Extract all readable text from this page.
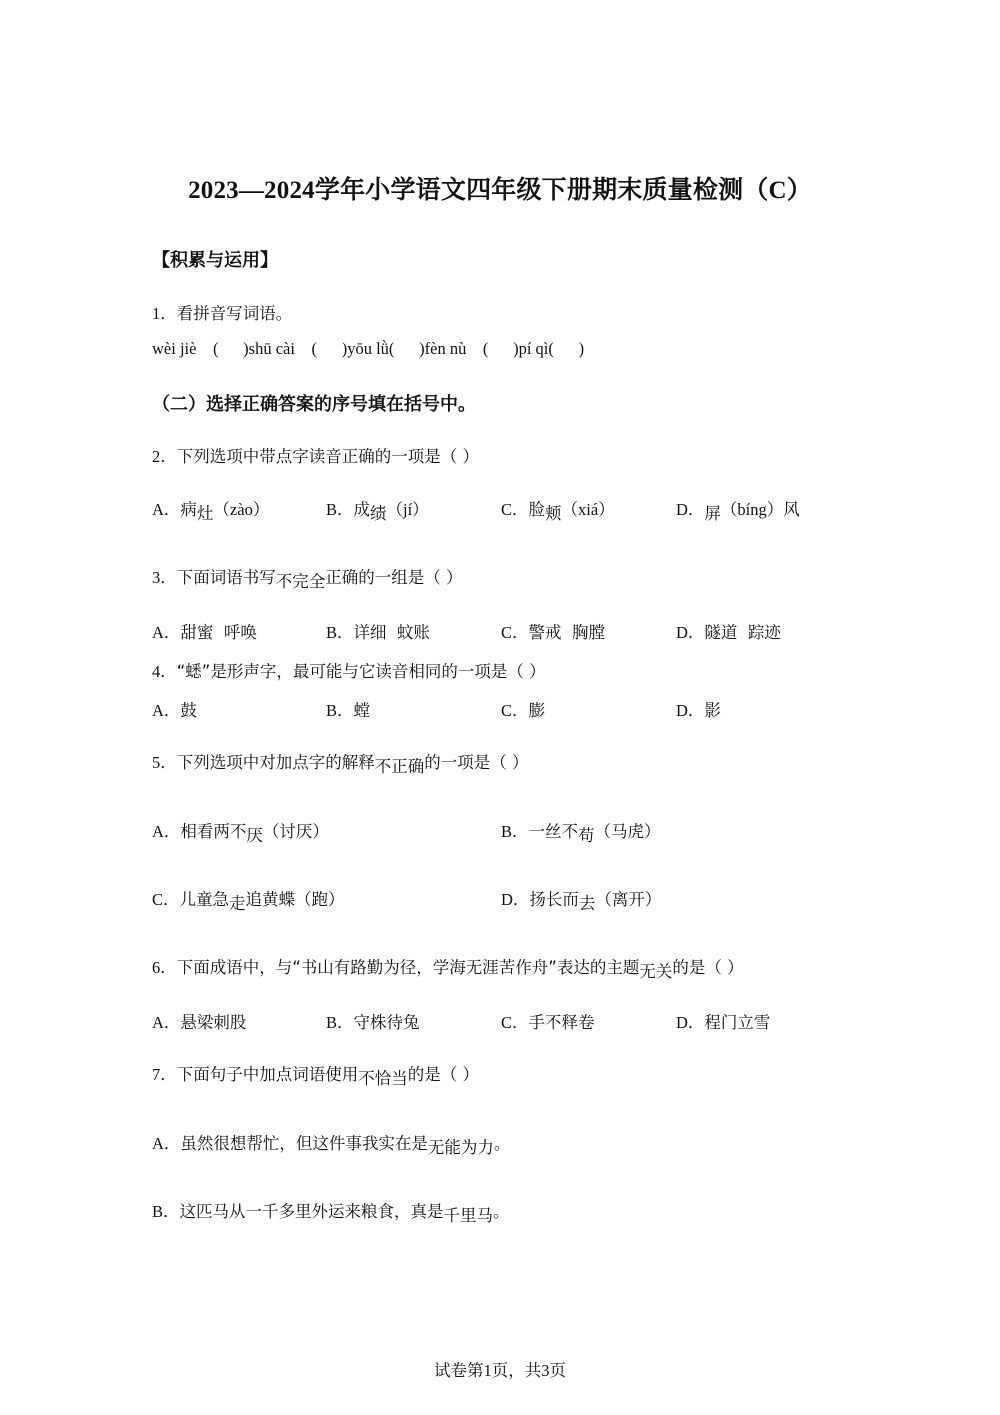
2023—2024学年小学语文四年级下册期末质量检测（C）
【积累与运用】
1．看拼音写词语。
wèi jiè    (      )shū cài    (      )yōu lǜ(      )fèn nù    (      )pí qì(      )
（二）选择正确答案的序号填在括号中。
2．下列选项中带点字读音正确的一项是（ ）
A．病灶（zào）	B．成绩（jí）	C．脸颊（xiá）	D．屏（bíng）风
3．下面词语书写不完全正确的一组是（ ）
A．甜蜜  呼唤	B．详细  蚊账	C．警戒  胸膛	D．隧道  踪迹
4．“蟋”是形声字，最可能与它读音相同的一项是（ ）
A．鼓	B．螳	C．膨	D．影
5．下列选项中对加点字的解释不正确的一项是（ ）
A．相看两不厌（讨厌）	B．一丝不苟（马虎）
C．儿童急走追黄蝶（跑）	D．扬长而去（离开）
6．下面成语中，与“书山有路勤为径，学海无涯苦作舟”表达的主题无关的是（ ）
A．悬梁刺股	B．守株待兔	C．手不释卷	D．程门立雪
7．下面句子中加点词语使用不恰当的是（ ）
A．虽然很想帮忙，但这件事我实在是无能为力。
B．这匹马从一千多里外运来粮食，真是千里马。
试卷第1页，共3页
